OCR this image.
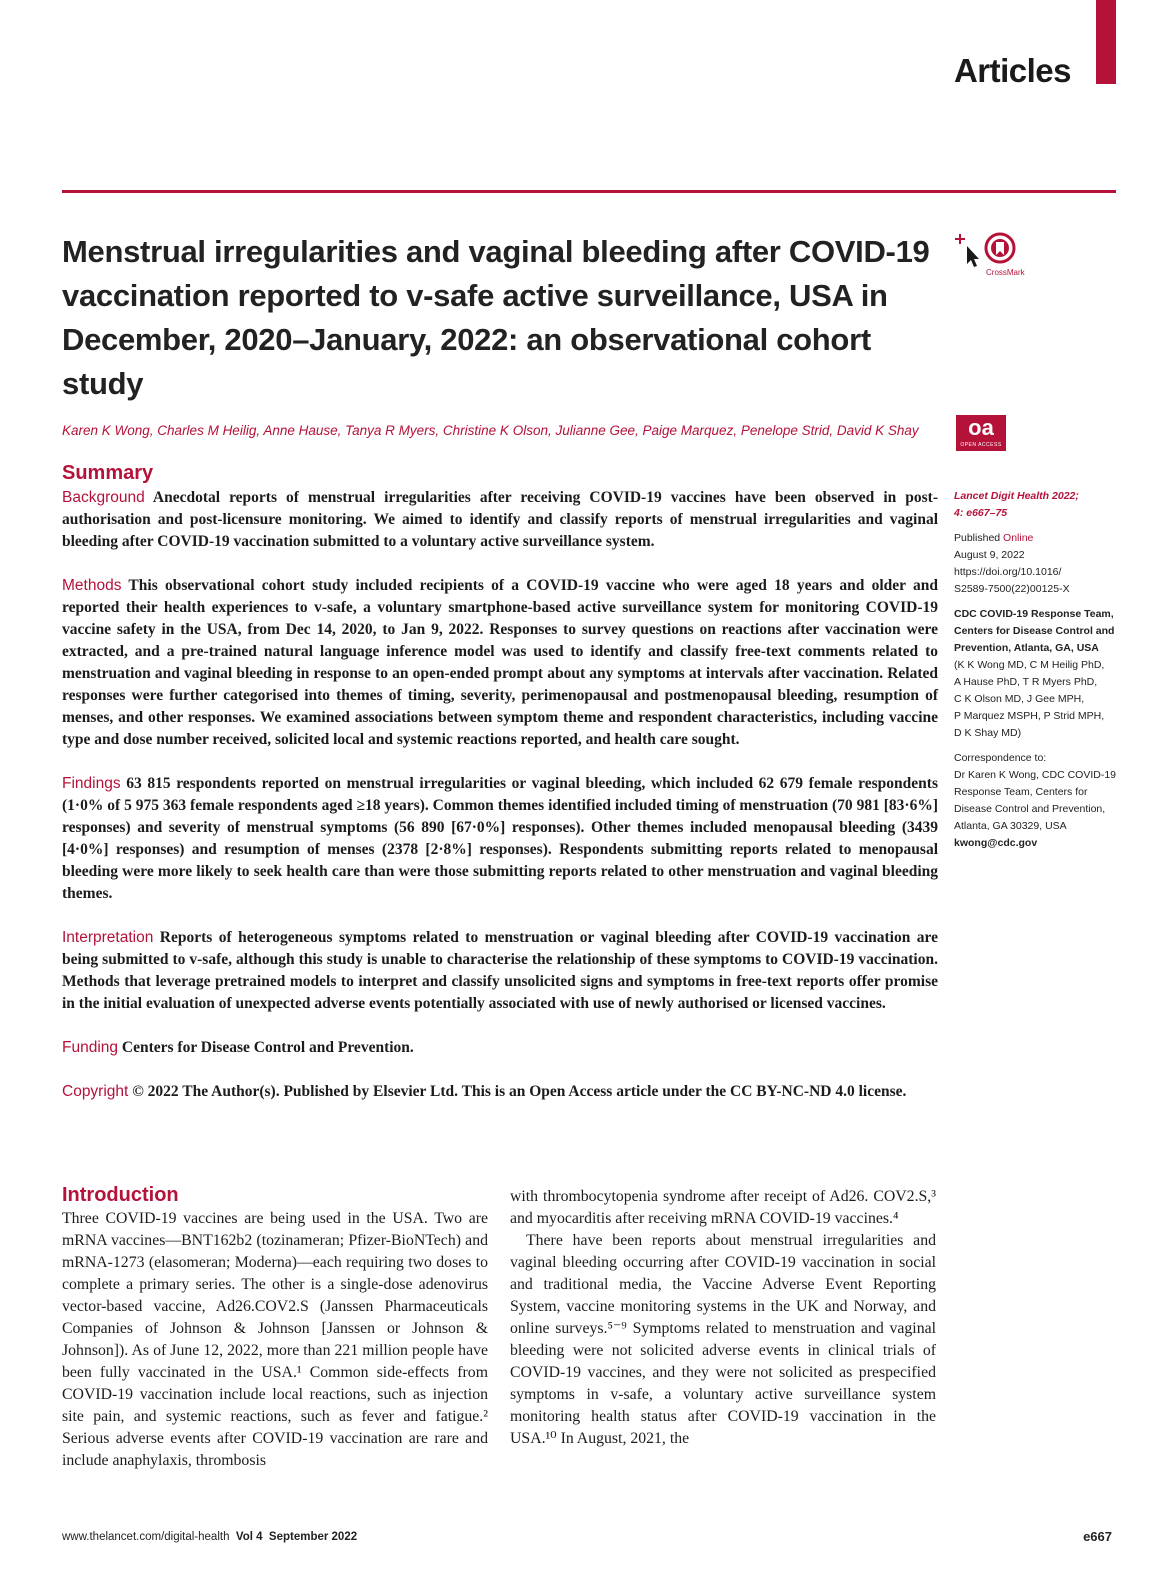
Articles
Menstrual irregularities and vaginal bleeding after COVID-19 vaccination reported to v-safe active surveillance, USA in December, 2020–January, 2022: an observational cohort study
CrossMark
Karen K Wong, Charles M Heilig, Anne Hause, Tanya R Myers, Christine K Olson, Julianne Gee, Paige Marquez, Penelope Strid, David K Shay	oa
OPEN ACCESS
Summary

Background Anecdotal reports of menstrual irregularities after receiving COVID-19 vaccines have been observed in post-authorisation and post-licensure monitoring. We aimed to identify and classify reports of menstrual irregularities and vaginal bleeding after COVID-19 vaccination submitted to a voluntary active surveillance system.

Methods This observational cohort study included recipients of a COVID-19 vaccine who were aged 18 years and older and reported their health experiences to v-safe, a voluntary smartphone-based active surveillance system for monitoring COVID-19 vaccine safety in the USA, from Dec 14, 2020, to Jan 9, 2022. Responses to survey questions on reactions after vaccination were extracted, and a pre-trained natural language inference model was used to identify and classify free-text comments related to menstruation and vaginal bleeding in response to an open-ended prompt about any symptoms at intervals after vaccination. Related responses were further categorised into themes of timing, severity, perimenopausal and postmenopausal bleeding, resumption of menses, and other responses. We examined associations between symptom theme and respondent characteristics, including vaccine type and dose number received, solicited local and systemic reactions reported, and health care sought.

Findings 63 815 respondents reported on menstrual irregularities or vaginal bleeding, which included 62 679 female respondents (1·0% of 5 975 363 female respondents aged ≥18 years). Common themes identified included timing of menstruation (70 981 [83·6%] responses) and severity of menstrual symptoms (56 890 [67·0%] responses). Other themes included menopausal bleeding (3439 [4·0%] responses) and resumption of menses (2378 [2·8%] responses). Respondents submitting reports related to menopausal bleeding were more likely to seek health care than were those submitting reports related to other menstruation and vaginal bleeding themes.

Interpretation Reports of heterogeneous symptoms related to menstruation or vaginal bleeding after COVID-19 vaccination are being submitted to v-safe, although this study is unable to characterise the relationship of these symptoms to COVID-19 vaccination. Methods that leverage pretrained models to interpret and classify unsolicited signs and symptoms in free-text reports offer promise in the initial evaluation of unexpected adverse events potentially associated with use of newly authorised or licensed vaccines.

Funding Centers for Disease Control and Prevention.

Copyright © 2022 The Author(s). Published by Elsevier Ltd. This is an Open Access article under the CC BY-NC-ND 4.0 license.

Lancet Digit Health 2022;
4: e667–75

Published Online
August 9, 2022
https://doi.org/10.1016/
S2589-7500(22)00125-X

CDC COVID-19 Response Team,
Centers for Disease Control and
Prevention, Atlanta, GA, USA
(K K Wong MD, C M Heilig PhD,
A Hause PhD, T R Myers PhD,
C K Olson MD, J Gee MPH,
P Marquez MSPH, P Strid MPH,
D K Shay MD)

Correspondence to:
Dr Karen K Wong, CDC COVID-19
Response Team, Centers for
Disease Control and Prevention,
Atlanta, GA 30329, USA
kwong@cdc.gov

Introduction

Three COVID-19 vaccines are being used in the USA. Two are mRNA vaccines—BNT162b2 (tozinameran; Pfizer-BioNTech) and mRNA-1273 (elasomeran; Moderna)—each requiring two doses to complete a primary series. The other is a single-dose adenovirus vector-based vaccine, Ad26.COV2.S (Janssen Pharmaceuticals Companies of Johnson & Johnson [Janssen or Johnson & Johnson]). As of June 12, 2022, more than 221 million people have been fully vaccinated in the USA.¹ Common side-effects from COVID-19 vaccination include local reactions, such as injection site pain, and systemic reactions, such as fever and fatigue.² Serious adverse events after COVID-19 vaccination are rare and include anaphylaxis, thrombosis

with thrombocytopenia syndrome after receipt of Ad26. COV2.S,³ and myocarditis after receiving mRNA COVID-19 vaccines.⁴
There have been reports about menstrual irregularities and vaginal bleeding occurring after COVID-19 vaccination in social and traditional media, the Vaccine Adverse Event Reporting System, vaccine monitoring systems in the UK and Norway, and online surveys.⁵⁻⁹ Symptoms related to menstruation and vaginal bleeding were not solicited adverse events in clinical trials of COVID-19 vaccines, and they were not solicited as prespecified symptoms in v-safe, a voluntary active surveillance system monitoring health status after COVID-19 vaccination in the USA.¹⁰ In August, 2021, the
www.thelancet.com/digital-health Vol 4 September 2022	e667
